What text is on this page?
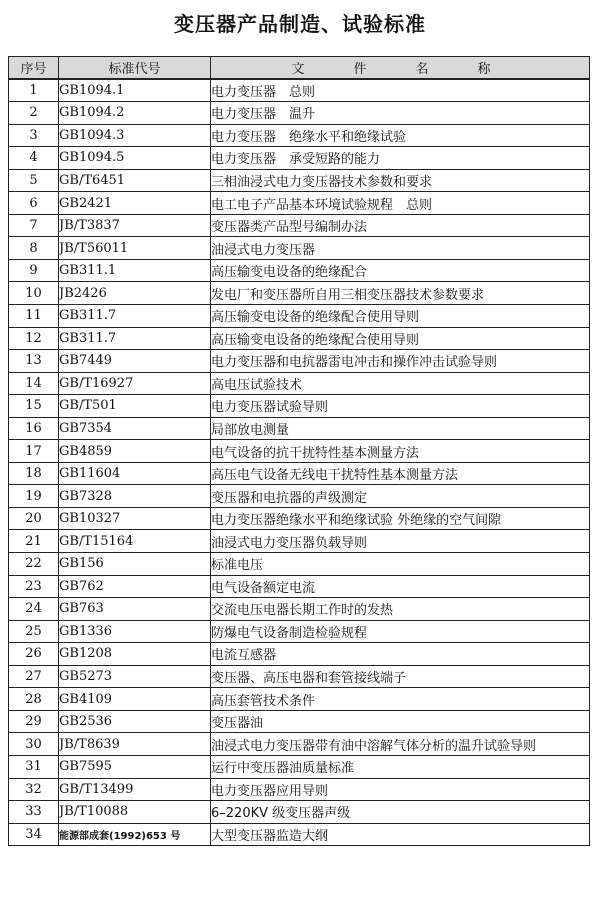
变压器产品制造、试验标准
序号	标准代号	文　件　名　称
1	GB1094.1	电力变压器　总则
2	GB1094.2	电力变压器　温升
3	GB1094.3	电力变压器　绝缘水平和绝缘试验
4	GB1094.5	电力变压器　承受短路的能力
5	GB/T6451	三相油浸式电力变压器技术参数和要求
6	GB2421	电工电子产品基本环境试验规程　总则
7	JB/T3837	变压器类产品型号编制办法
8	JB/T56011	油浸式电力变压器
9	GB311.1	高压输变电设备的绝缘配合
10	JB2426	发电厂和变压器所自用三相变压器技术参数要求
11	GB311.7	高压输变电设备的绝缘配合使用导则
12	GB311.7	高压输变电设备的绝缘配合使用导则
13	GB7449	电力变压器和电抗器雷电冲击和操作冲击试验导则
14	GB/T16927	高电压试验技术
15	GB/T501	电力变压器试验导则
16	GB7354	局部放电测量
17	GB4859	电气设备的抗干扰特性基本测量方法
18	GB11604	高压电气设备无线电干扰特性基本测量方法
19	GB7328	变压器和电抗器的声级测定
20	GB10327	电力变压器绝缘水平和绝缘试验 外绝缘的空气间隙
21	GB/T15164	油浸式电力变压器负载导则
22	GB156	标准电压
23	GB762	电气设备额定电流
24	GB763	交流电压电器长期工作时的发热
25	GB1336	防爆电气设备制造检验规程
26	GB1208	电流互感器
27	GB5273	变压器、高压电器和套管接线端子
28	GB4109	高压套管技术条件
29	GB2536	变压器油
30	JB/T8639	油浸式电力变压器带有油中溶解气体分析的温升试验导则
31	GB7595	运行中变压器油质量标准
32	GB/T13499	电力变压器应用导则
33	JB/T10088	6–220KV 级变压器声级
34	能源部成套(1992)653 号	大型变压器监造大纲
